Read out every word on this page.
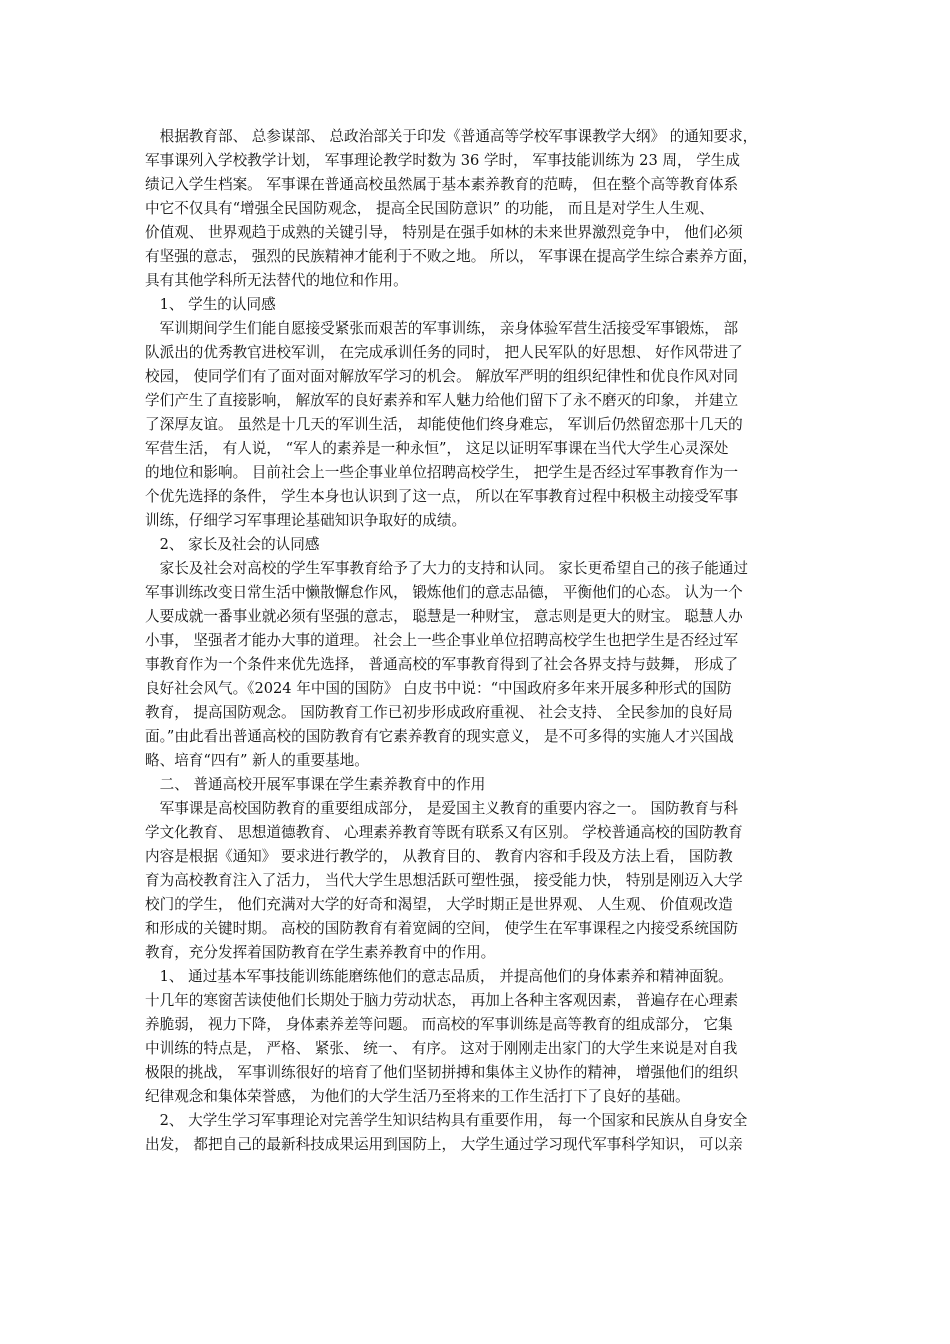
　根据教育部、 总参谋部、 总政治部关于印发《普通高等学校军事课教学大纲》 的通知要求，
军事课列入学校教学计划， 军事理论教学时数为 36 学时， 军事技能训练为 23 周， 学生成
绩记入学生档案。 军事课在普通高校虽然属于基本素养教育的范畴， 但在整个高等教育体系
中它不仅具有“增强全民国防观念， 提高全民国防意识” 的功能， 而且是对学生人生观、
价值观、 世界观趋于成熟的关键引导， 特别是在强手如林的未来世界激烈竞争中， 他们必须
有坚强的意志， 强烈的民族精神才能利于不败之地。 所以， 军事课在提高学生综合素养方面，
具有其他学科所无法替代的地位和作用。
　1、 学生的认同感
　军训期间学生们能自愿接受紧张而艰苦的军事训练， 亲身体验军营生活接受军事锻炼， 部
队派出的优秀教官进校军训， 在完成承训任务的同时， 把人民军队的好思想、 好作风带进了
校园， 使同学们有了面对面对解放军学习的机会。 解放军严明的组织纪律性和优良作风对同
学们产生了直接影响， 解放军的良好素养和军人魅力给他们留下了永不磨灭的印象， 并建立
了深厚友谊。 虽然是十几天的军训生活， 却能使他们终身难忘， 军训后仍然留恋那十几天的
军营生活， 有人说， “军人的素养是一种永恒”， 这足以证明军事课在当代大学生心灵深处
的地位和影响。 目前社会上一些企事业单位招聘高校学生， 把学生是否经过军事教育作为一
个优先选择的条件， 学生本身也认识到了这一点， 所以在军事教育过程中积极主动接受军事
训练，仔细学习军事理论基础知识争取好的成绩。
　2、 家长及社会的认同感
　家长及社会对高校的学生军事教育给予了大力的支持和认同。 家长更希望自己的孩子能通过
军事训练改变日常生活中懒散懈怠作风， 锻炼他们的意志品德， 平衡他们的心态。 认为一个
人要成就一番事业就必须有坚强的意志， 聪慧是一种财宝， 意志则是更大的财宝。 聪慧人办
小事， 坚强者才能办大事的道理。 社会上一些企事业单位招聘高校学生也把学生是否经过军
事教育作为一个条件来优先选择， 普通高校的军事教育得到了社会各界支持与鼓舞， 形成了
良好社会风气。《2024 年中国的国防》 白皮书中说：“中国政府多年来开展多种形式的国防
教育， 提高国防观念。 国防教育工作已初步形成政府重视、 社会支持、 全民参加的良好局
面。”由此看出普通高校的国防教育有它素养教育的现实意义， 是不可多得的实施人才兴国战
略、培育“四有” 新人的重要基地。
　二、 普通高校开展军事课在学生素养教育中的作用
　军事课是高校国防教育的重要组成部分， 是爱国主义教育的重要内容之一。 国防教育与科
学文化教育、 思想道德教育、 心理素养教育等既有联系又有区别。 学校普通高校的国防教育
内容是根据《通知》 要求进行教学的， 从教育目的、 教育内容和手段及方法上看， 国防教
育为高校教育注入了活力， 当代大学生思想活跃可塑性强， 接受能力快， 特别是刚迈入大学
校门的学生， 他们充满对大学的好奇和渴望， 大学时期正是世界观、 人生观、 价值观改造
和形成的关键时期。 高校的国防教育有着宽阔的空间， 使学生在军事课程之内接受系统国防
教育，充分发挥着国防教育在学生素养教育中的作用。
　1、 通过基本军事技能训练能磨练他们的意志品质， 并提高他们的身体素养和精神面貌。
十几年的寒窗苦读使他们长期处于脑力劳动状态， 再加上各种主客观因素， 普遍存在心理素
养脆弱， 视力下降， 身体素养差等问题。 而高校的军事训练是高等教育的组成部分， 它集
中训练的特点是， 严格、 紧张、 统一、 有序。 这对于刚刚走出家门的大学生来说是对自我
极限的挑战， 军事训练很好的培育了他们坚韧拼搏和集体主义协作的精神， 增强他们的组织
纪律观念和集体荣誉感， 为他们的大学生活乃至将来的工作生活打下了良好的基础。
　2、 大学生学习军事理论对完善学生知识结构具有重要作用， 每一个国家和民族从自身安全
出发， 都把自己的最新科技成果运用到国防上， 大学生通过学习现代军事科学知识， 可以亲
